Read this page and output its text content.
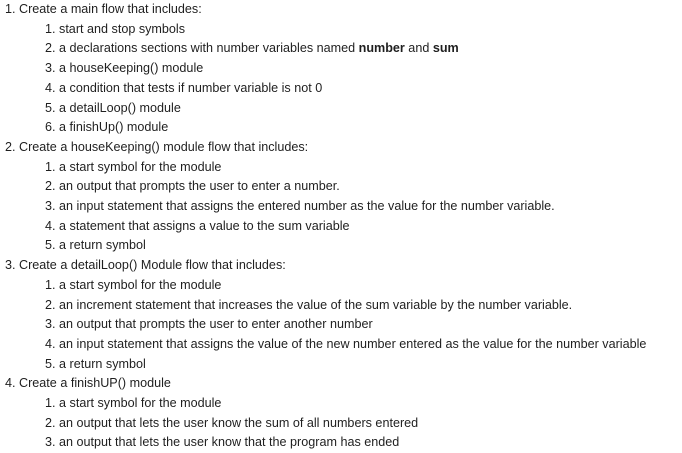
1. Create a main flow that includes:
1. start and stop symbols
2. a declarations sections with number variables named number and sum
3. a houseKeeping() module
4. a condition that tests if number variable is not 0
5. a detailLoop() module
6. a finishUp() module
2. Create a houseKeeping() module flow that includes:
1. a start symbol for the module
2. an output that prompts the user to enter a number.
3. an input statement that assigns the entered number as the value for the number variable.
4. a statement that assigns a value to the sum variable
5. a return symbol
3. Create a detailLoop() Module flow that includes:
1. a start symbol for the module
2. an increment statement that increases the value of the sum variable by the number variable.
3. an output that prompts the user to enter another number
4. an input statement that assigns the value of the new number entered as the value for the number variable
5. a return symbol
4. Create a finishUP() module
1. a start symbol for the module
2. an output that lets the user know the sum of all numbers entered
3. an output that lets the user know that the program has ended
